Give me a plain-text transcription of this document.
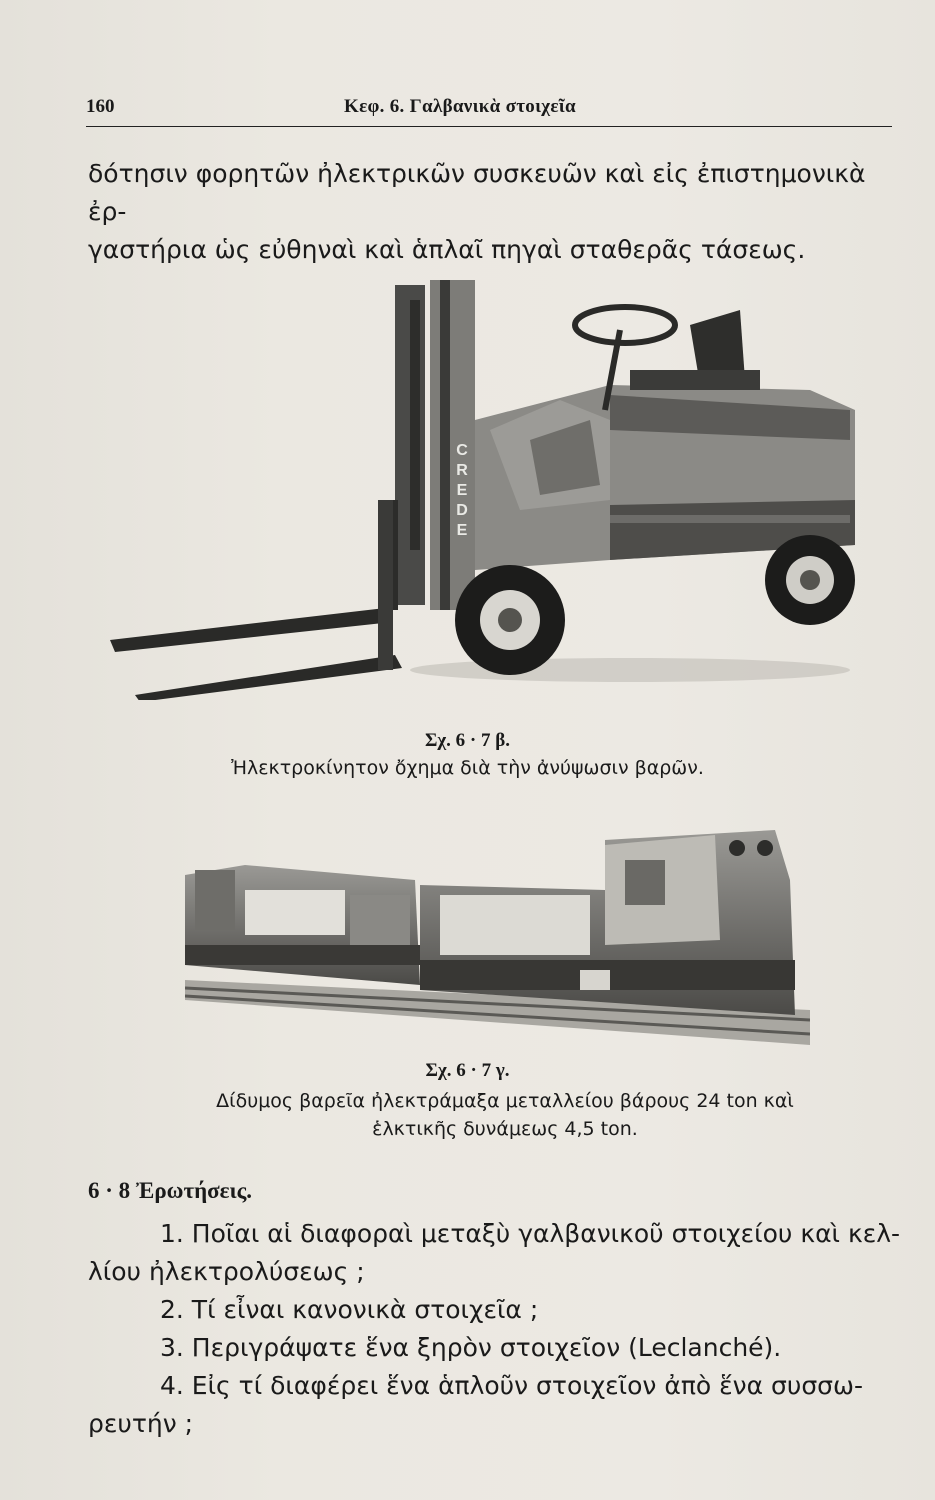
160	Κεφ. 6. Γαλβανικὰ στοιχεῖα
δότησιν φορητῶν ἠλεκτρικῶν συσκευῶν καὶ εἰς ἐπιστημονικὰ ἐρ-
γαστήρια ὡς εὐθηναὶ καὶ ἁπλαῖ πηγαὶ σταθερᾶς τάσεως.
C
R
E
D
E
Σχ. 6 · 7 β.
Ἠλεκτροκίνητον ὄχημα διὰ τὴν ἀνύψωσιν βαρῶν.
Σχ. 6 · 7 γ.
Δίδυμος βαρεῖα ἠλεκτράμαξα μεταλλείου βάρους 24 ton καὶ
ἑλκτικῆς δυνάμεως 4,5 ton.
6 · 8 Ἐρωτήσεις.

1. Ποῖαι αἱ διαφοραὶ μεταξὺ γαλβανικοῦ στοιχείου καὶ κελ-

λίου ἠλεκτρολύσεως ;

2. Τί εἶναι κανονικὰ στοιχεῖα ;

3. Περιγράψατε ἕνα ξηρὸν στοιχεῖον (Leclanché).

4. Εἰς τί διαφέρει ἕνα ἁπλοῦν στοιχεῖον ἀπὸ ἕνα συσσω-

ρευτήν ;
